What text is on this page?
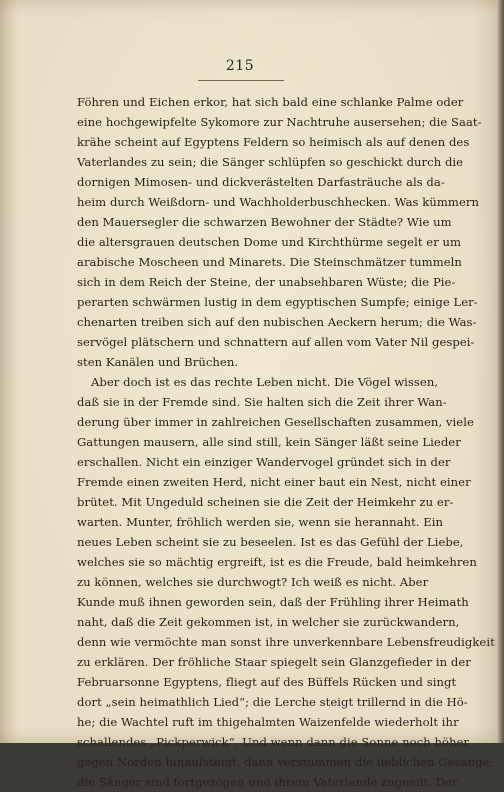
215
Föhren und Eichen erkor, hat sich bald eine schlanke Palme oder
eine hochgewipfelte Sykomore zur Nachtruhe ausersehen; die Saat-
krähe scheint auf Egyptens Feldern so heimisch als auf denen des
Vaterlandes zu sein; die Sänger schlüpfen so geschickt durch die
dornigen Mimosen- und dickverästelten Darfasträuche als da-
heim durch Weißdorn- und Wachholderbuschhecken. Was kümmern
den Mauersegler die schwarzen Bewohner der Städte? Wie um
die altersgrauen deutschen Dome und Kirchthürme segelt er um
arabische Moscheen und Minarets. Die Steinschmätzer tummeln
sich in dem Reich der Steine, der unabsehbaren Wüste; die Pie-
perarten schwärmen lustig in dem egyptischen Sumpfe; einige Ler-
chenarten treiben sich auf den nubischen Aeckern herum; die Was-
servögel plätschern und schnattern auf allen vom Vater Nil gespei-
sten Kanälen und Brüchen.
Aber doch ist es das rechte Leben nicht. Die Vögel wissen,
daß sie in der Fremde sind. Sie halten sich die Zeit ihrer Wan-
derung über immer in zahlreichen Gesellschaften zusammen, viele
Gattungen mausern, alle sind still, kein Sänger läßt seine Lieder
erschallen. Nicht ein einziger Wandervogel gründet sich in der
Fremde einen zweiten Herd, nicht einer baut ein Nest, nicht einer
brütet. Mit Ungeduld scheinen sie die Zeit der Heimkehr zu er-
warten. Munter, fröhlich werden sie, wenn sie herannaht. Ein
neues Leben scheint sie zu beseelen. Ist es das Gefühl der Liebe,
welches sie so mächtig ergreift, ist es die Freude, bald heimkehren
zu können, welches sie durchwogt? Ich weiß es nicht. Aber
Kunde muß ihnen geworden sein, daß der Frühling ihrer Heimath
naht, daß die Zeit gekommen ist, in welcher sie zurückwandern,
denn wie vermöchte man sonst ihre unverkennbare Lebensfreudigkeit
zu erklären. Der fröhliche Staar spiegelt sein Glanzgefieder in der
Februarsonne Egyptens, fliegt auf des Büffels Rücken und singt
dort „sein heimathlich Lied“; die Lerche steigt trillernd in die Hö-
he; die Wachtel ruft im thigehalmten Waizenfelde wiederholt ihr
schallendes „Pickperwick“. Und wenn dann die Sonne noch höher
gegen Norden hinaufsteigt, dann verstummen die lieblichen Gesänge;
die Sänger sind fortgezogen und ihrem Vaterlande zugeeilt. Der
